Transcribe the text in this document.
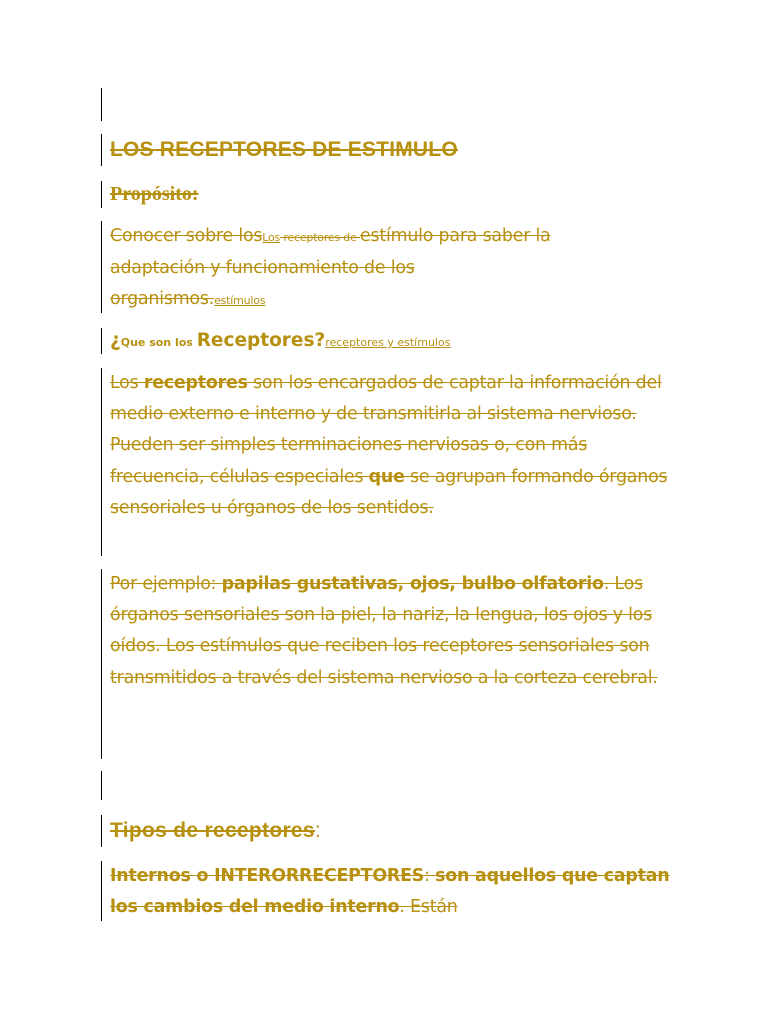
LOS RECEPTORES DE ESTIMULO
Propósito:
Conocer sobre losLos receptores de estímulo para saber la
adaptación y funcionamiento de los
organismos.estímulos
¿Que son los Receptores?receptores y estímulos
Los receptores son los encargados de captar la información del medio externo e interno y de transmitirla al sistema nervioso. Pueden ser simples terminaciones nerviosas o, con más frecuencia, células especiales que se agrupan formando órganos sensoriales u órganos de los sentidos.
Por ejemplo: papilas gustativas, ojos, bulbo olfatorio. Los órganos sensoriales son la piel, la nariz, la lengua, los ojos y los oídos. Los estímulos que reciben los receptores sensoriales son transmitidos a través del sistema nervioso a la corteza cerebral.
Tipos de receptores:
Internos o INTERORRECEPTORES: son aquellos que captan los cambios del medio interno. Están
